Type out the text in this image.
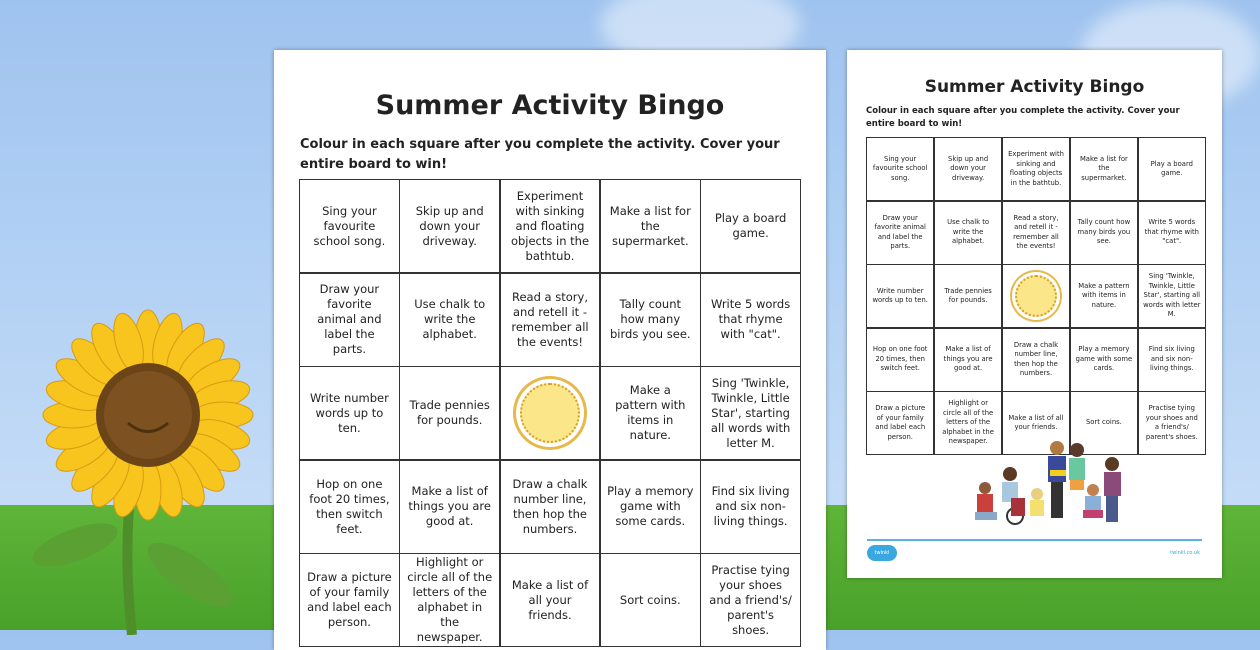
Summer Activity Bingo
Colour in each square after you complete the activity. Cover your entire board to win!
Sing your favourite school song.
Skip up and down your driveway.
Experiment with sinking and floating objects in the bathtub.
Make a list for the supermarket.
Play a board game.
Draw your favorite animal and label the parts.
Use chalk to write the alphabet.
Read a story, and retell it - remember all the events!
Tally count how many birds you see.
Write 5 words that rhyme with "cat".
Write number words up to ten.
Trade pennies for pounds.
Make a pattern with items in nature.
Sing 'Twinkle, Twinkle, Little Star', starting all words with letter M.
Hop on one foot 20 times, then switch feet.
Make a list of things you are good at.
Draw a chalk number line, then hop the numbers.
Play a memory game with some cards.
Find six living and six non-living things.
Draw a picture of your family and label each person.
Highlight or circle all of the letters of the alphabet in the newspaper.
Make a list of all your friends.
Sort coins.
Practise tying your shoes and a friend's/ parent's shoes.
Summer Activity Bingo
Colour in each square after you complete the activity. Cover your entire board to win!
Sing your favourite school song.
Skip up and down your driveway.
Experiment with sinking and floating objects in the bathtub.
Make a list for the supermarket.
Play a board game.
Draw your favorite animal and label the parts.
Use chalk to write the alphabet.
Read a story, and retell it - remember all the events!
Tally count how many birds you see.
Write 5 words that rhyme with "cat".
Write number words up to ten.
Trade pennies for pounds.
Make a pattern with items in nature.
Sing 'Twinkle, Twinkle, Little Star', starting all words with letter M.
Hop on one foot 20 times, then switch feet.
Make a list of things you are good at.
Draw a chalk number line, then hop the numbers.
Play a memory game with some cards.
Find six living and six non-living things.
Draw a picture of your family and label each person.
Highlight or circle all of the letters of the alphabet in the newspaper.
Make a list of all your friends.
Sort coins.
Practise tying your shoes and a friend's/ parent's shoes.
twinkl	twinkl.co.uk
